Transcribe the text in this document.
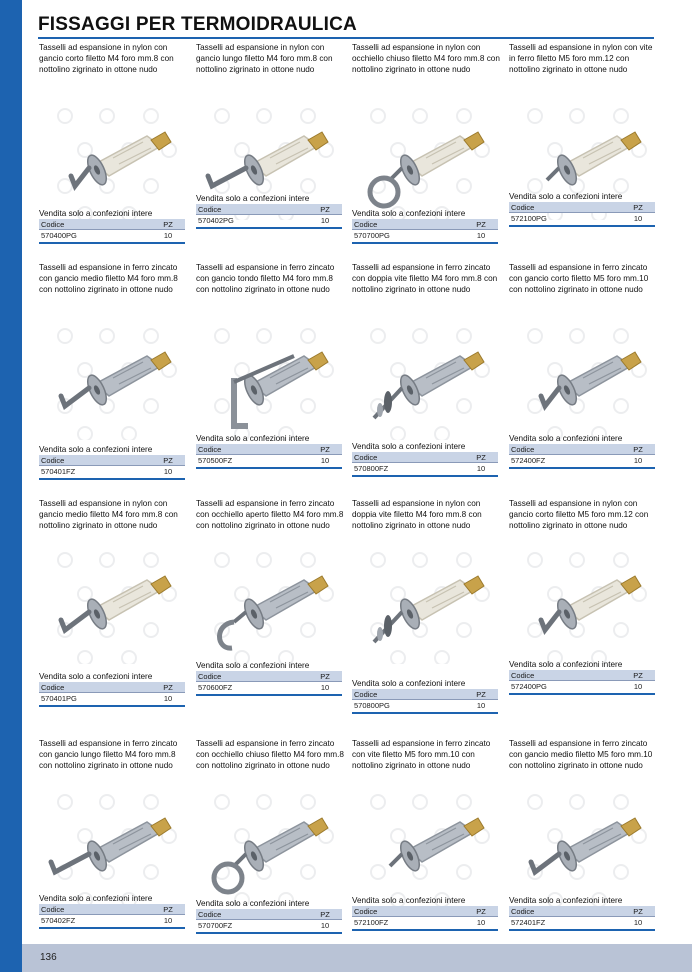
FISSAGGI PER TERMOIDRAULICA
Tasselli ad espansione in nylon con gancio corto filetto M4 foro mm.8 con nottolino zigrinato in ottone nudo
Vendita solo a confezioni intere
Codice		PZ
570400PG		10
Tasselli ad espansione in nylon con gancio lungo filetto M4 foro mm.8 con nottolino zigrinato in ottone nudo
Vendita solo a confezioni intere
Codice		PZ
570402PG		10
Tasselli ad espansione in nylon con occhiello chiuso filetto M4 foro mm.8 con nottolino zigrinato in ottone nudo
Vendita solo a confezioni intere
Codice		PZ
570700PG		10
Tasselli ad espansione in nylon con vite in ferro filetto M5 foro mm.12 con nottolino zigrinato in ottone nudo
Vendita solo a confezioni intere
Codice		PZ
572100PG		10
Tasselli ad espansione in ferro zincato con gancio medio filetto M4 foro mm.8 con nottolino zigrinato in ottone nudo
Vendita solo a confezioni intere
Codice		PZ
570401FZ		10
Tasselli ad espansione in ferro zincato con gancio tondo filetto M4 foro mm.8 con nottolino zigrinato in ottone nudo
Vendita solo a confezioni intere
Codice		PZ
570500FZ		10
Tasselli ad espansione in ferro zincato con doppia vite filetto M4 foro mm.8 con nottolino zigrinato in ottone nudo
Vendita solo a confezioni intere
Codice		PZ
570800FZ		10
Tasselli ad espansione in ferro zincato con gancio corto filetto M5 foro mm.10 con nottolino zigrinato in ottone nudo
Vendita solo a confezioni intere
Codice		PZ
572400FZ		10
Tasselli ad espansione in nylon con gancio medio filetto M4 foro mm.8 con nottolino zigrinato in ottone nudo
Vendita solo a confezioni intere
Codice		PZ
570401PG		10
Tasselli ad espansione in ferro zincato con occhiello aperto filetto M4 foro mm.8 con nottolino zigrinato in ottone nudo
Vendita solo a confezioni intere
Codice		PZ
570600FZ		10
Tasselli ad espansione in nylon con doppia vite filetto M4 foro mm.8 con nottolino zigrinato in ottone nudo
Vendita solo a confezioni intere
Codice		PZ
570800PG		10
Tasselli ad espansione in nylon con gancio corto filetto M5 foro mm.12 con nottolino zigrinato in ottone nudo
Vendita solo a confezioni intere
Codice		PZ
572400PG		10
Tasselli ad espansione in ferro zincato con gancio lungo filetto M4 foro mm.8 con nottolino zigrinato in ottone nudo
Vendita solo a confezioni intere
Codice		PZ
570402FZ		10
Tasselli ad espansione in ferro zincato con occhiello chiuso filetto M4 foro mm.8 con nottolino zigrinato in ottone nudo
Vendita solo a confezioni intere
Codice		PZ
570700FZ		10
Tasselli ad espansione in ferro zincato con vite filetto M5 foro mm.10 con nottolino zigrinato in ottone nudo
Vendita solo a confezioni intere
Codice		PZ
572100FZ		10
Tasselli ad espansione in ferro zincato con gancio medio filetto M5 foro mm.10 con nottolino zigrinato in ottone nudo
Vendita solo a confezioni intere
Codice		PZ
572401FZ		10
136
